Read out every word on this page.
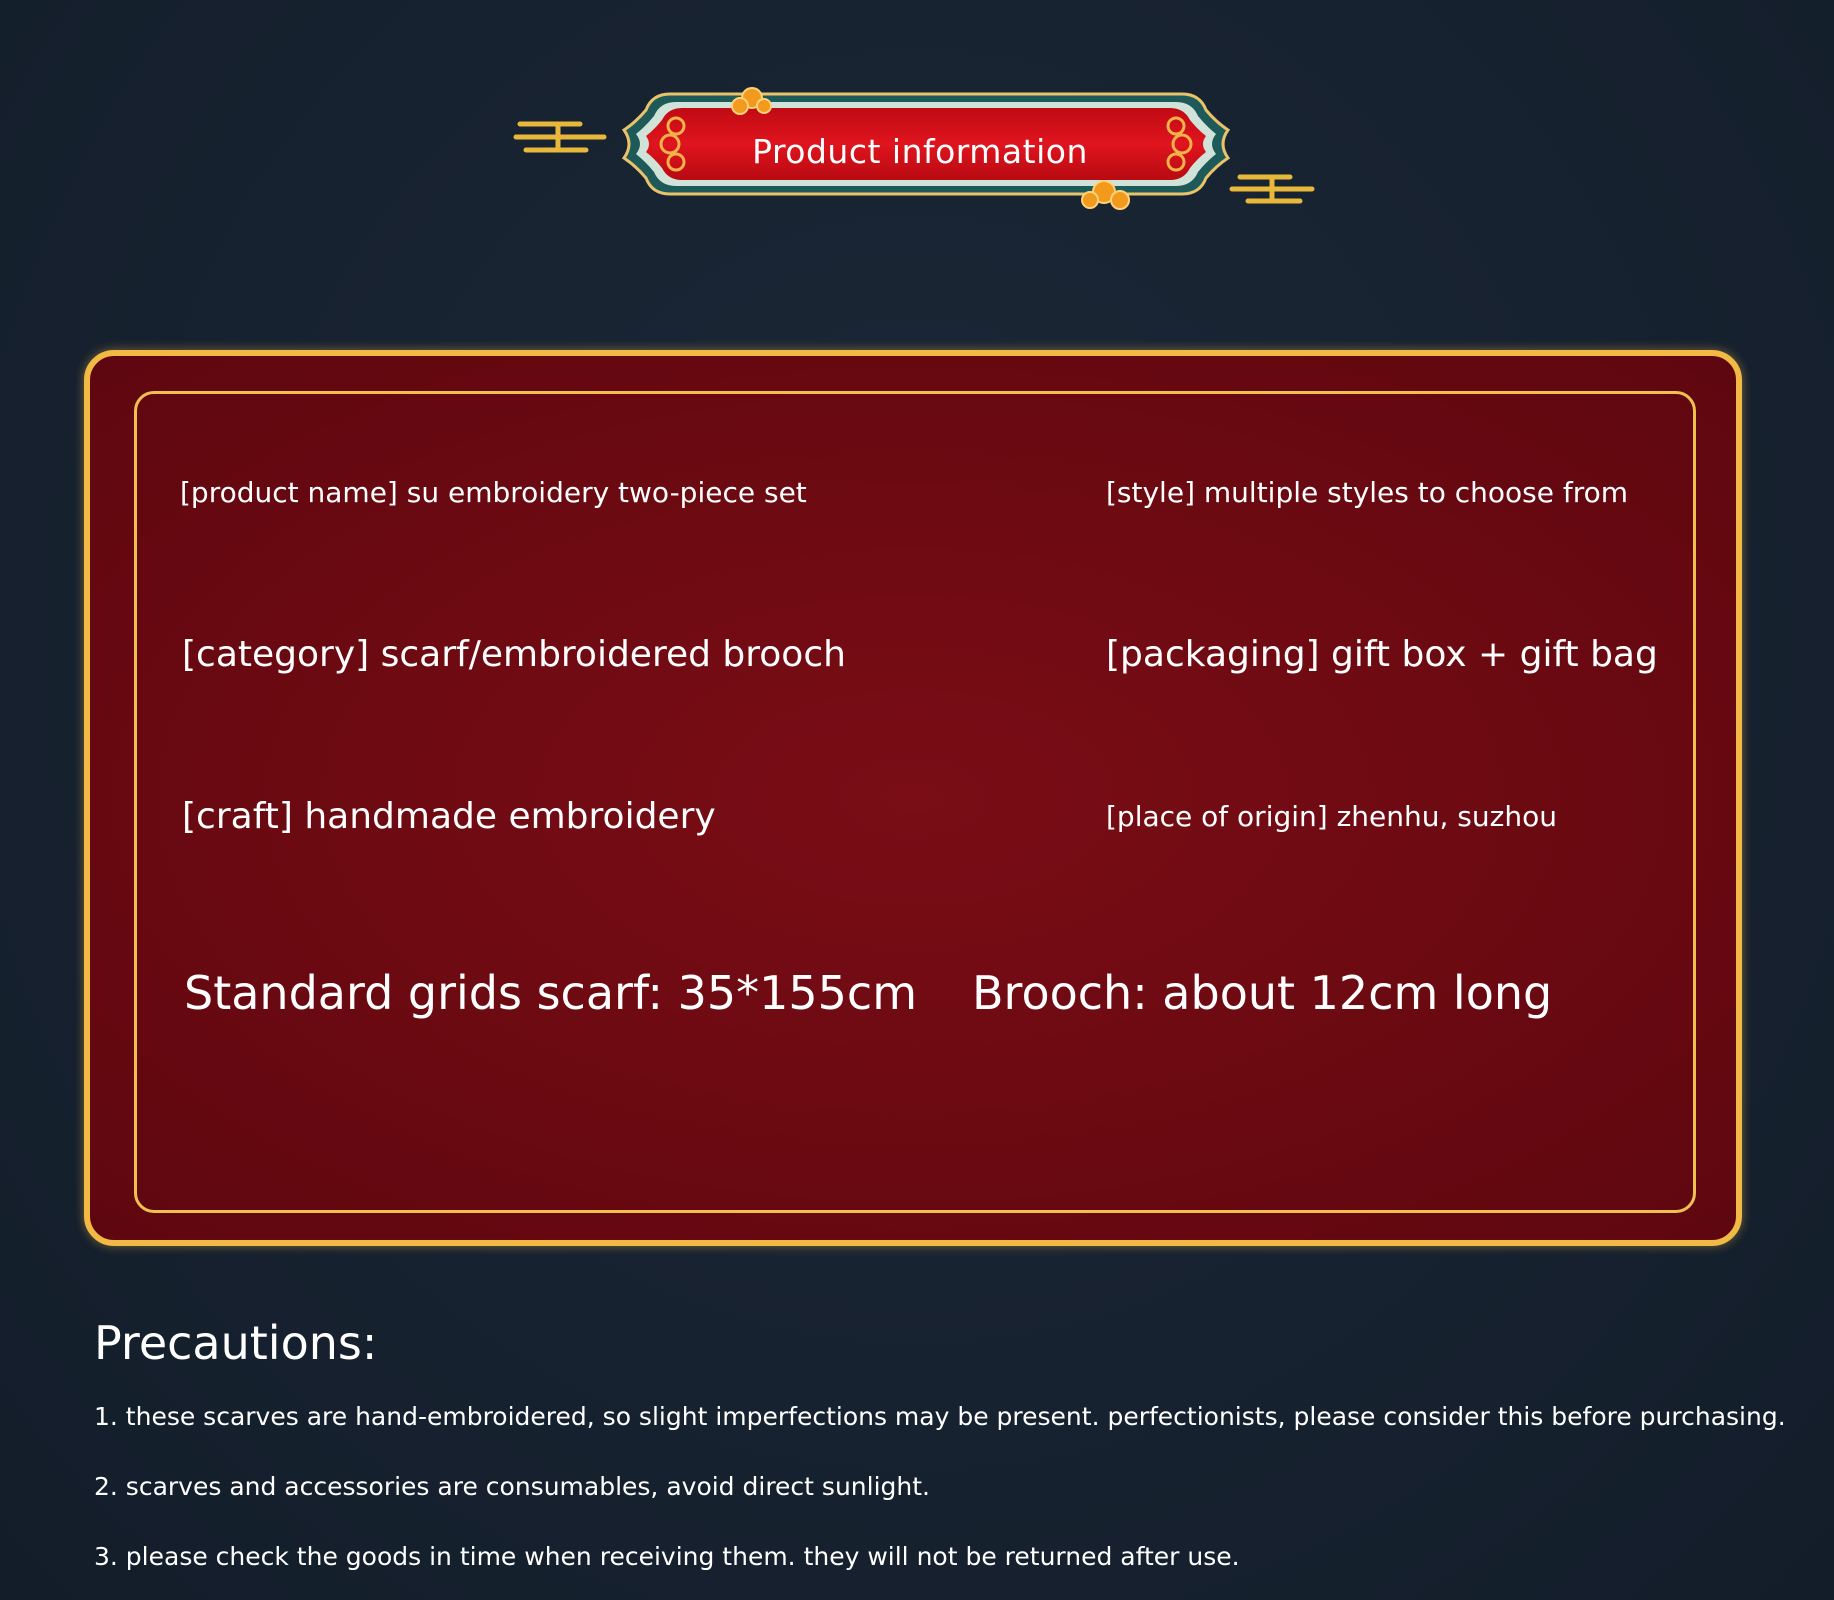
Product information
[product name] su embroidery two-piece set	[style] multiple styles to choose from
[category] scarf/embroidered brooch	[packaging] gift box + gift bag
[craft] handmade embroidery	[place of origin] zhenhu, suzhou
Standard grids scarf: 35*155cm Brooch: about 12cm long
Precautions:
1. these scarves are hand-embroidered, so slight imperfections may be present. perfectionists, please consider this before purchasing.
2. scarves and accessories are consumables, avoid direct sunlight.
3. please check the goods in time when receiving them. they will not be returned after use.
